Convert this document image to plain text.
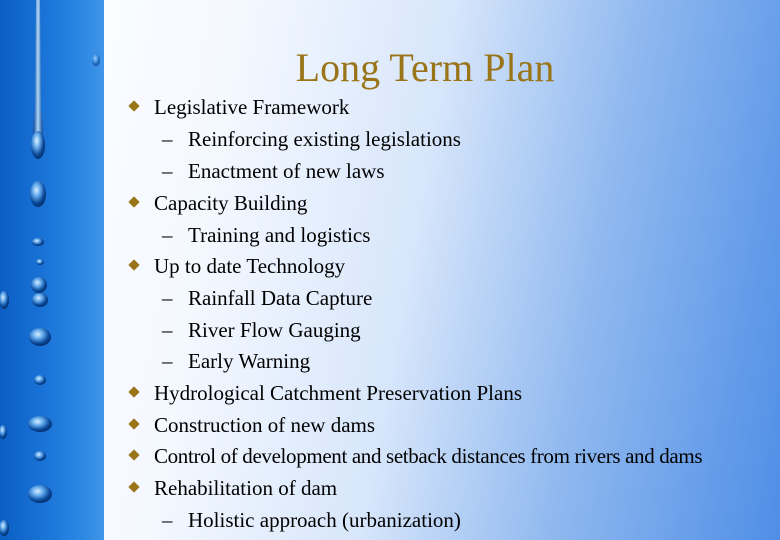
Long Term Plan
Legislative Framework
– Reinforcing existing legislations
– Enactment of new laws
Capacity Building
– Training and logistics
Up to date Technology
– Rainfall Data Capture
– River Flow Gauging
– Early Warning
Hydrological Catchment Preservation Plans
Construction of new dams
Control of development and setback distances from rivers and dams
Rehabilitation of dam
– Holistic approach (urbanization)
